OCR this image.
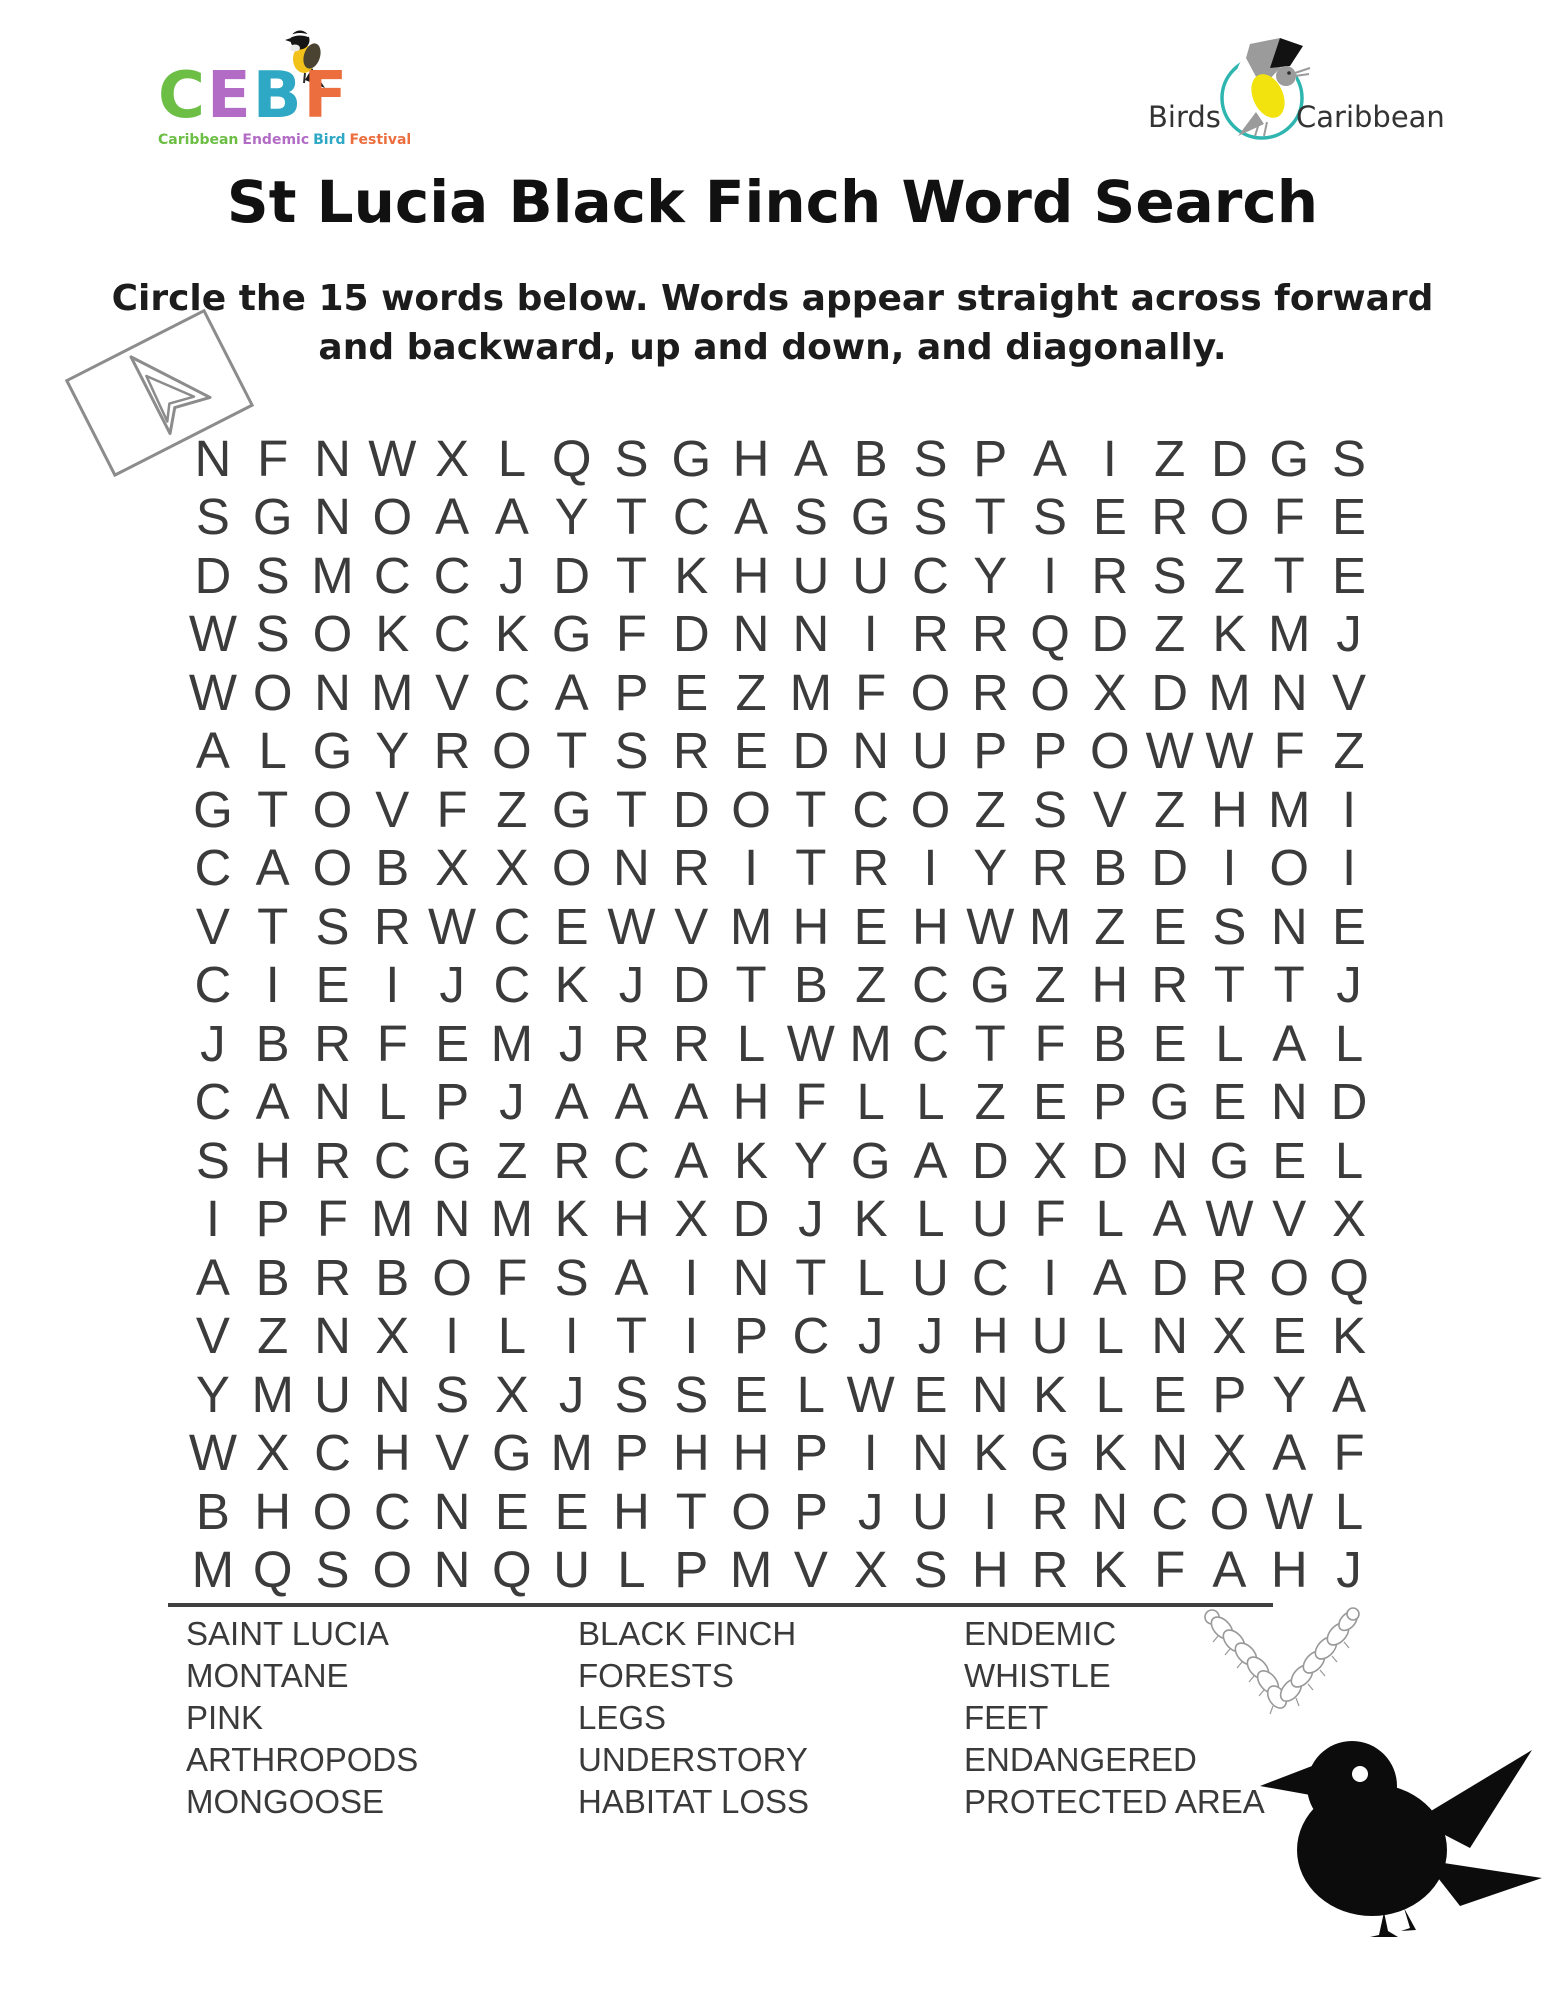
CEBF
Caribbean Endemic Bird Festival
Birds	Caribbean
St Lucia Black Finch Word Search
Circle the 15 words below. Words appear straight across forward
and backward, up and down, and diagonally.
N F N W X L Q S G H A B S P A I Z D G S
S G N O A A Y T C A S G S T S E R O F E
D S M C C J D T K H U U C Y I R S Z T E
W S O K C K G F D N N I R R Q D Z K M J
W O N M V C A P E Z M F O R O X D M N V
A L G Y R O T S R E D N U P P O W W F Z
G T O V F Z G T D O T C O Z S V Z H M I
C A O B X X O N R I T R I Y R B D I O I
V T S R W C E W V M H E H W M Z E S N E
C I E I J C K J D T B Z C G Z H R T T J
J B R F E M J R R L W M C T F B E L A L
C A N L P J A A A H F L L Z E P G E N D
S H R C G Z R C A K Y G A D X D N G E L
I P F M N M K H X D J K L U F L A W V X
A B R B O F S A I N T L U C I A D R O Q
V Z N X I L I T I P C J J H U L N X E K
Y M U N S X J S S E L W E N K L E P Y A
W X C H V G M P H H P I N K G K N X A F
B H O C N E E H T O P J U I R N C O W L
M Q S O N Q U L P M V X S H R K F A H J
SAINT LUCIA
MONTANE
PINK
ARTHROPODS
MONGOOSE
BLACK FINCH
FORESTS
LEGS
UNDERSTORY
HABITAT LOSS
ENDEMIC
WHISTLE
FEET
ENDANGERED
PROTECTED AREA
